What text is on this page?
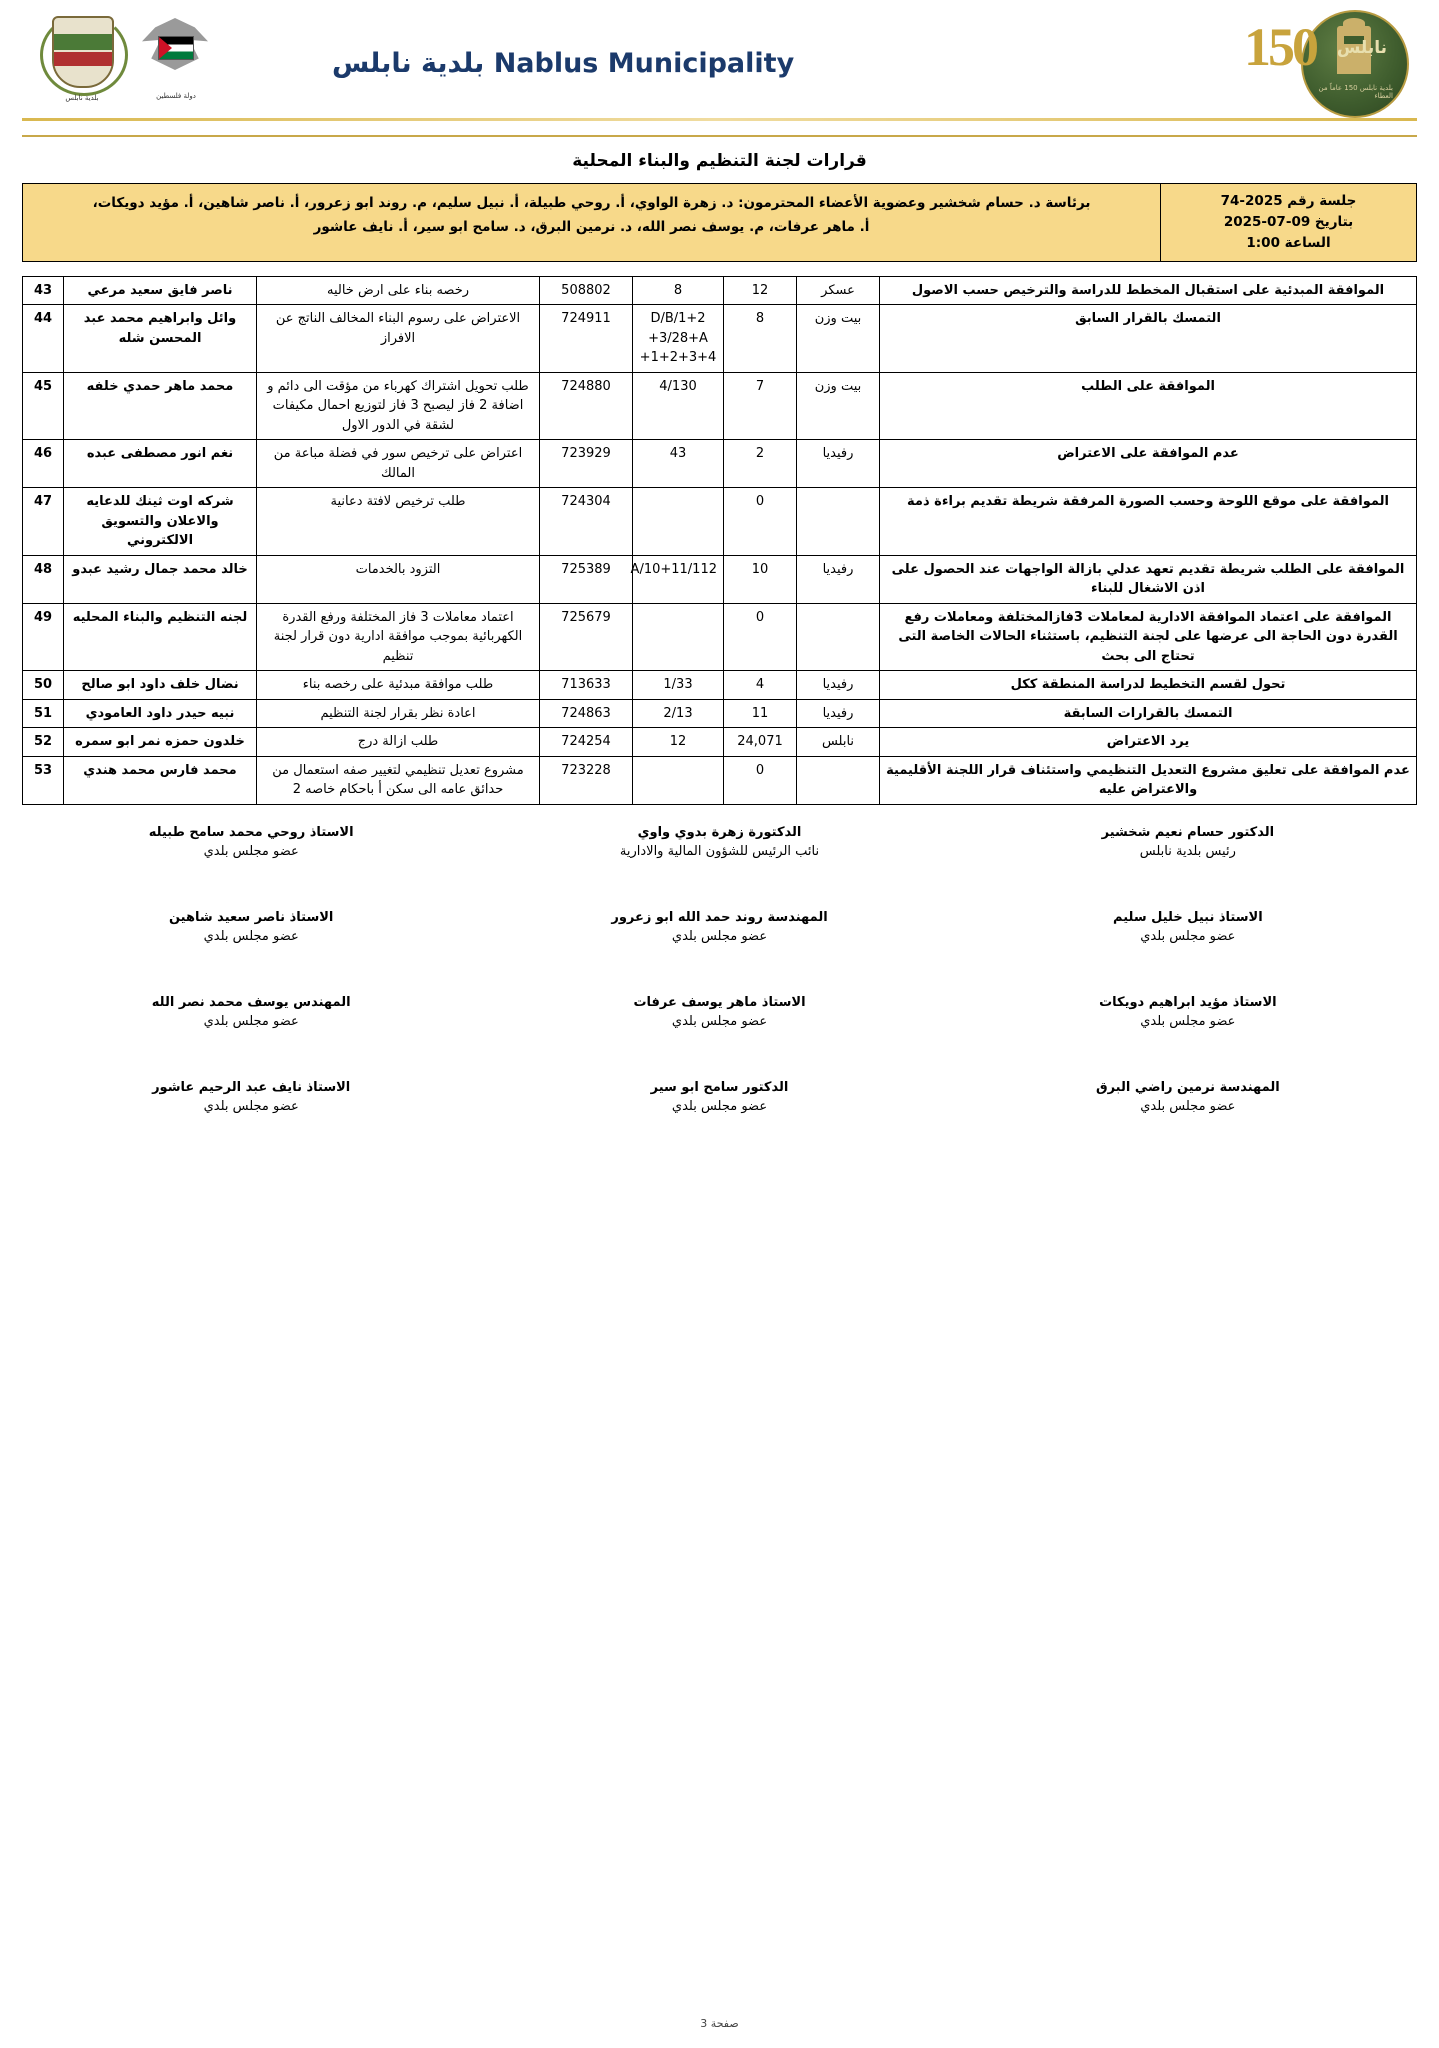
نابلس
بلدية نابلس 150 عاماً من العطاء
150
Nablus Municipality بلدية نابلس
دولة فلسطين
بلدية نابلس
قرارات لجنة التنظيم والبناء المحلية
جلسة رقم 2025-74
بتاريخ 09-07-2025
الساعة 1:00
برئاسة د. حسام شخشير وعضوية الأعضاء المحترمون: د. زهرة الواوي، أ. روحي طبيلة، أ. نبيل سليم، م. روند ابو زعرور، أ. ناصر شاهين، أ. مؤيد دويكات،
أ. ماهر عرفات، م. يوسف نصر الله، د. نرمين البرق، د. سامح ابو سير، أ. نايف عاشور
الموافقة المبدئية على استقبال المخطط للدراسة والترخيص حسب الاصول	عسكر	12	8	508802	رخصه بناء على ارض خاليه	ناصر فايق سعيد مرعي	43
التمسك بالقرار السابق	بيت وزن	8	D/B/1+2 +3/28+A +1+2+3+4	724911	الاعتراض على رسوم البناء المخالف الناتج عن الافراز	وائل وابراهيم محمد عبد المحسن شله	44
الموافقة على الطلب	بيت وزن	7	4/130	724880	طلب تحويل اشتراك كهرباء من مؤقت الى دائم و اضافة 2 فاز ليصبح 3 فاز لتوزيع احمال مكيفات لشقة في الدور الاول	محمد ماهر حمدي خلفه	45
عدم الموافقة على الاعتراض	رفيديا	2	43	723929	اعتراض على ترخيص سور في فضلة مباعة من المالك	نغم انور مصطفى عبده	46
الموافقة على موقع اللوحة وحسب الصورة المرفقة شريطة تقديم براءة ذمة		0		724304	طلب ترخيص لافتة دعانية	شركه اوت ثينك للدعايه والاعلان والتسويق الالكتروني	47
الموافقة على الطلب شريطة تقديم تعهد عدلي بازالة الواجهات عند الحصول على اذن الاشغال للبناء	رفيديا	10	A/10+11/112	725389	التزود بالخدمات	خالد محمد جمال رشيد عبدو	48
الموافقة على اعتماد الموافقة الادارية لمعاملات 3فازالمختلفة ومعاملات رفع القدرة دون الحاجة الى عرضها على لجنة التنظيم، باستثناء الحالات الخاصة التى تحتاج الى بحث		0		725679	اعتماد معاملات 3 فاز المختلفة ورفع القدرة الكهربائية بموجب موافقة ادارية دون قرار لجنة تنظيم	لجنه التنظيم والبناء المحليه	49
تحول لقسم التخطيط لدراسة المنطقة ككل	رفيديا	4	1/33	713633	طلب موافقة مبدئية على رخصه بناء	نضال خلف داود ابو صالح	50
التمسك بالقرارات السابقة	رفيديا	11	2/13	724863	اعادة نظر بقرار لجنة التنظيم	نبيه حيدر داود العامودي	51
يرد الاعتراض	نابلس	24,071	12	724254	طلب ازالة درج	خلدون حمزه نمر ابو سمره	52
عدم الموافقة على تعليق مشروع التعديل التنظيمي واستئناف قرار اللجنة الأقليمية والاعتراض عليه		0		723228	مشروع تعديل تنظيمي لتغيير صفه استعمال من حدائق عامه الى سكن أ باحكام خاصه 2	محمد فارس محمد هندي	53
الدكتور حسام نعيم شخشير
رئيس بلدية نابلس
الدكتورة زهرة بدوي واوي
نائب الرئيس للشؤون المالية والادارية
الاستاذ روحي محمد سامح طبيله
عضو مجلس بلدي
الاستاذ نبيل خليل سليم
عضو مجلس بلدي
المهندسة روند حمد الله ابو زعرور
عضو مجلس بلدي
الاستاذ ناصر سعيد شاهين
عضو مجلس بلدي
الاستاذ مؤيد ابراهيم دويكات
عضو مجلس بلدي
الاستاذ ماهر يوسف عرفات
عضو مجلس بلدي
المهندس يوسف محمد نصر الله
عضو مجلس بلدي
المهندسة نرمين راضي البرق
عضو مجلس بلدي
الدكتور سامح ابو سير
عضو مجلس بلدي
الاستاذ نايف عبد الرحيم عاشور
عضو مجلس بلدي
صفحة 3
